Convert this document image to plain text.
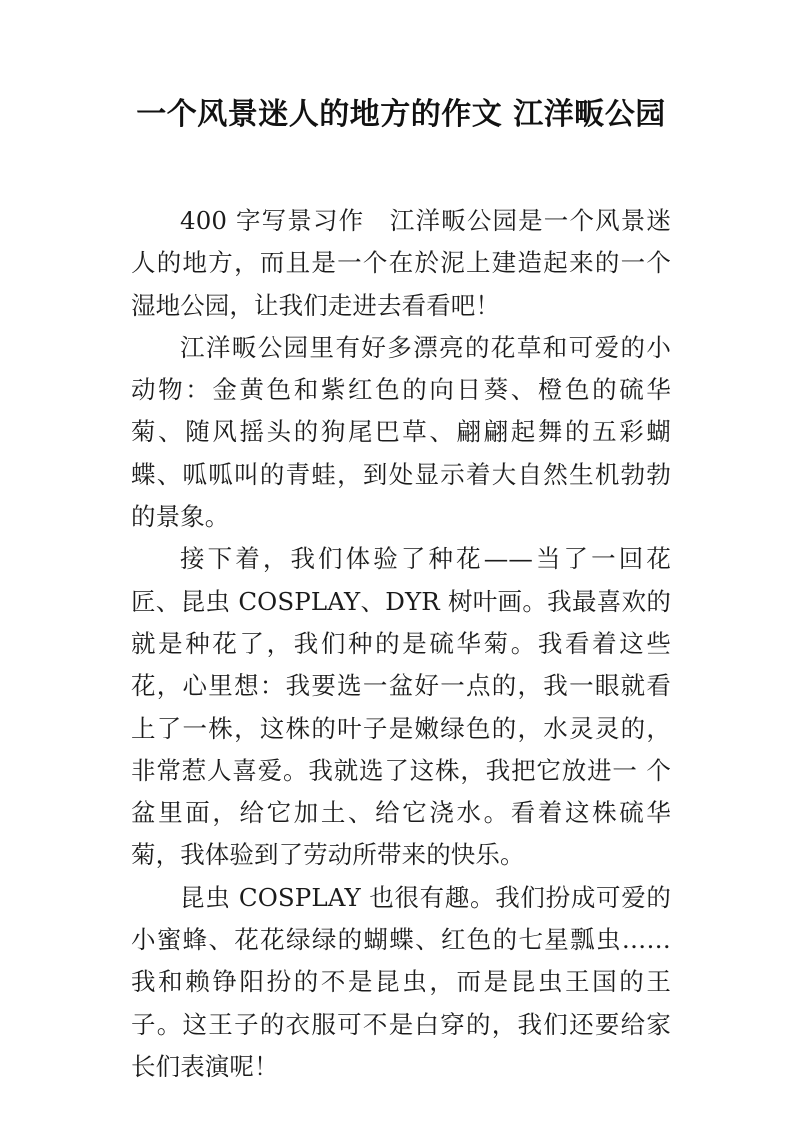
一个风景迷人的地方的作文 江洋畈公园

400 字写景习作　江洋畈公园是一个风景迷人的地方，而且是一个在於泥上建造起来的一个湿地公园，让我们走进去看看吧！

江洋畈公园里有好多漂亮的花草和可爱的小动物：金黄色和紫红色的向日葵、橙色的硫华菊、随风摇头的狗尾巴草、翩翩起舞的五彩蝴蝶、呱呱叫的青蛙，到处显示着大自然生机勃勃的景象。

接下着，我们体验了种花——当了一回花匠、昆虫 COSPLAY、DYR 树叶画。我最喜欢的就是种花了，我们种的是硫华菊。我看着这些花，心里想：我要选一盆好一点的，我一眼就看上了一株，这株的叶子是嫩绿色的，水灵灵的，非常惹人喜爱。我就选了这株，我把它放进一 个盆里面，给它加土、给它浇水。看着这株硫华菊，我体验到了劳动所带来的快乐。

昆虫 COSPLAY 也很有趣。我们扮成可爱的小蜜蜂、花花绿绿的蝴蝶、红色的七星瓢虫……我和赖铮阳扮的不是昆虫，而是昆虫王国的王子。这王子的衣服可不是白穿的，我们还要给家长们表演呢！
